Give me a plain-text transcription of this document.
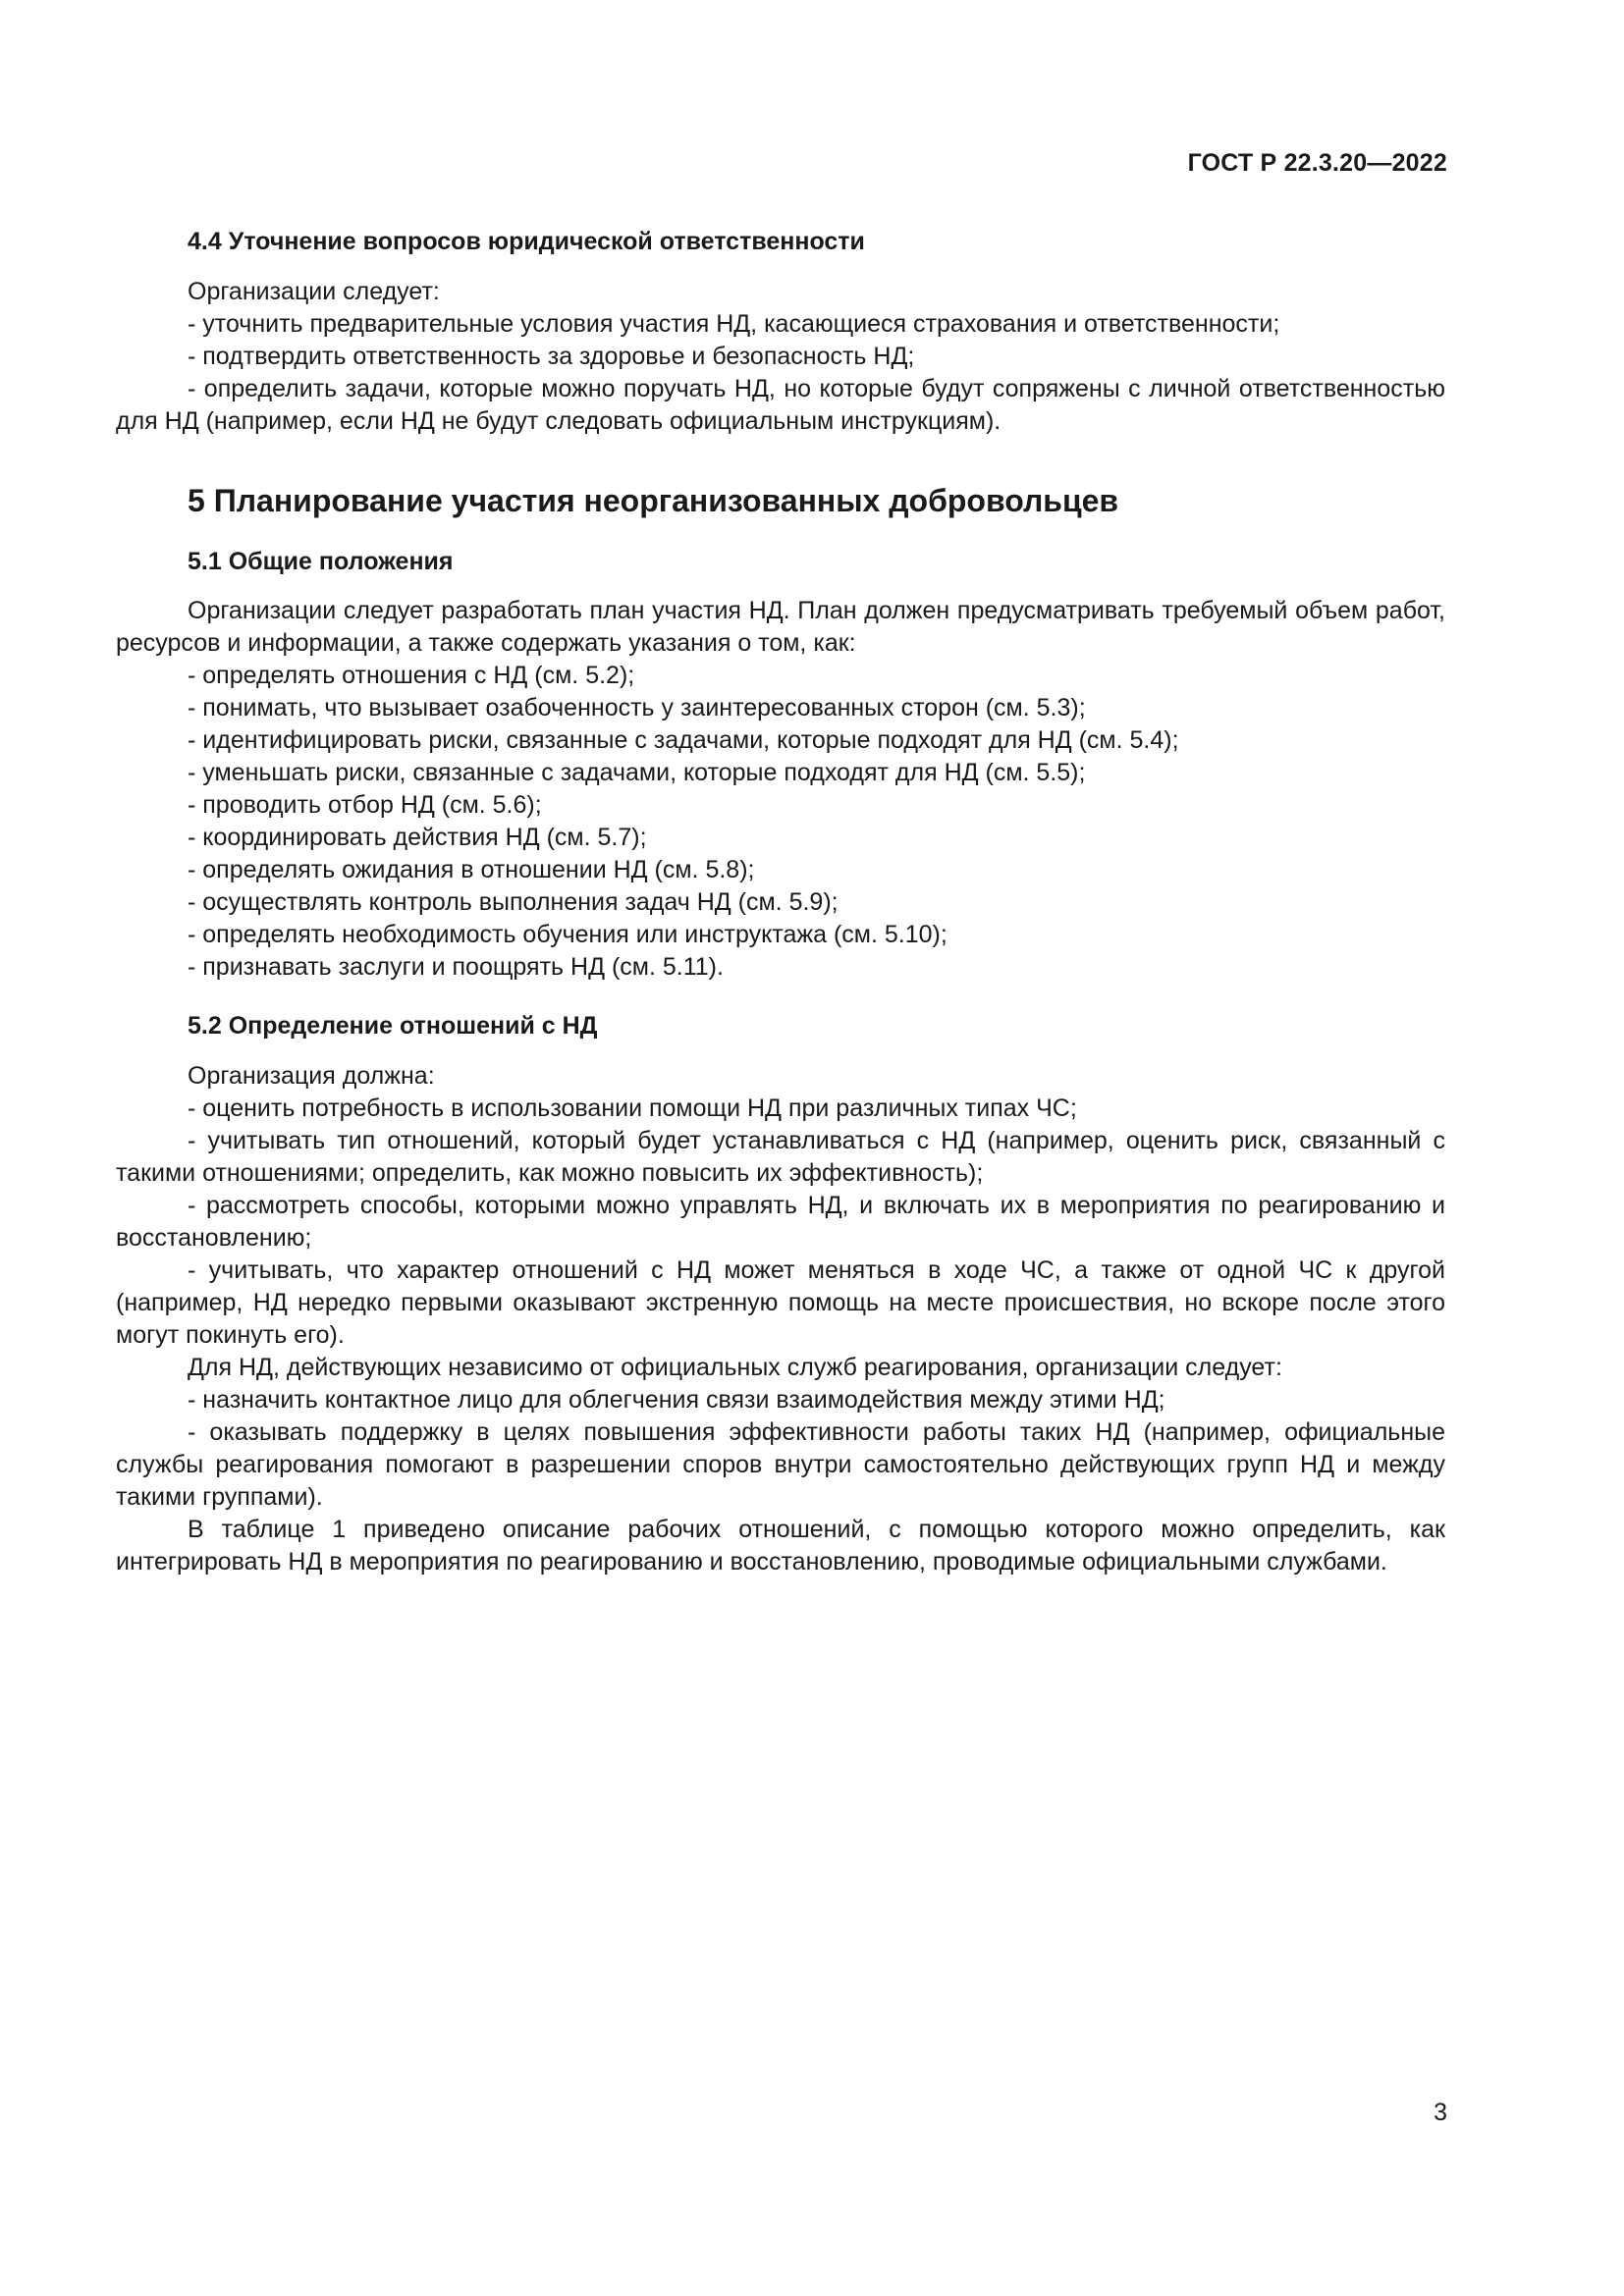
ГОСТ Р 22.3.20—2022
4.4 Уточнение вопросов юридической ответственности

Организации следует:

- уточнить предварительные условия участия НД, касающиеся страхования и ответственности;

- подтвердить ответственность за здоровье и безопасность НД;

- определить задачи, которые можно поручать НД, но которые будут сопряжены с личной ответственностью для НД (например, если НД не будут следовать официальным инструкциям).

5 Планирование участия неорганизованных добровольцев
5.1 Общие положения

Организации следует разработать план участия НД. План должен предусматривать требуемый объем работ, ресурсов и информации, а также содержать указания о том, как:

- определять отношения с НД (см. 5.2);

- понимать, что вызывает озабоченность у заинтересованных сторон (см. 5.3);

- идентифицировать риски, связанные с задачами, которые подходят для НД (см. 5.4);

- уменьшать риски, связанные с задачами, которые подходят для НД (см. 5.5);

- проводить отбор НД (см. 5.6);

- координировать действия НД (см. 5.7);

- определять ожидания в отношении НД (см. 5.8);

- осуществлять контроль выполнения задач НД (см. 5.9);

- определять необходимость обучения или инструктажа (см. 5.10);

- признавать заслуги и поощрять НД (см. 5.11).

5.2 Определение отношений с НД

Организация должна:

- оценить потребность в использовании помощи НД при различных типах ЧС;

- учитывать тип отношений, который будет устанавливаться с НД (например, оценить риск, связанный с такими отношениями; определить, как можно повысить их эффективность);

- рассмотреть способы, которыми можно управлять НД, и включать их в мероприятия по реагированию и восстановлению;

- учитывать, что характер отношений с НД может меняться в ходе ЧС, а также от одной ЧС к другой (например, НД нередко первыми оказывают экстренную помощь на месте происшествия, но вскоре после этого могут покинуть его).

Для НД, действующих независимо от официальных служб реагирования, организации следует:

- назначить контактное лицо для облегчения связи взаимодействия между этими НД;

- оказывать поддержку в целях повышения эффективности работы таких НД (например, официальные службы реагирования помогают в разрешении споров внутри самостоятельно действующих групп НД и между такими группами).

В таблице 1 приведено описание рабочих отношений, с помощью которого можно определить, как интегрировать НД в мероприятия по реагированию и восстановлению, проводимые официальными службами.

3
